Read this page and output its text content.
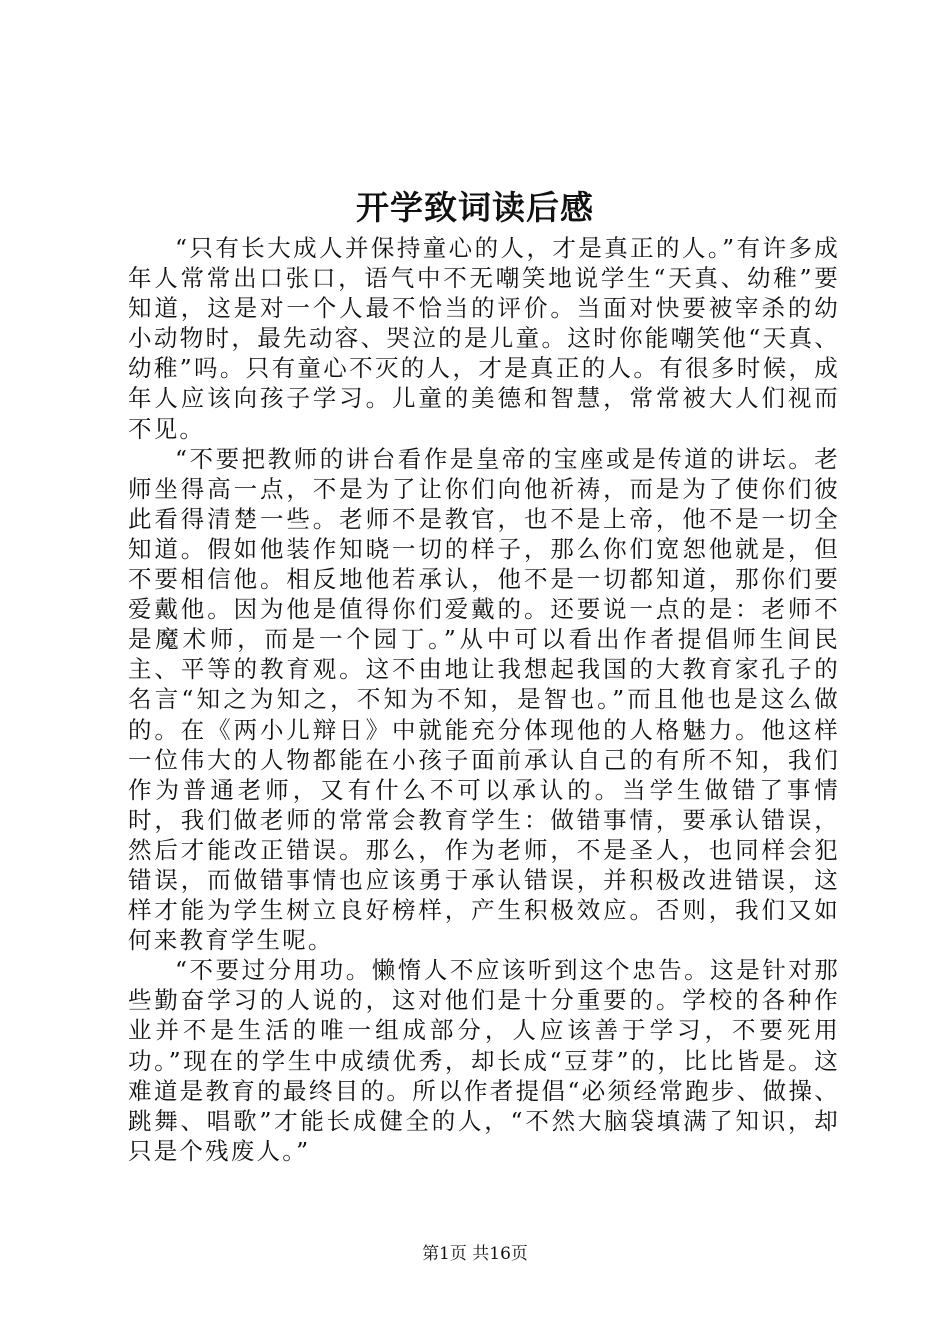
开学致词读后感

“只有长大成人并保持童心的人，才是真正的人。”有许多成年人常常出口张口，语气中不无嘲笑地说学生“天真、幼稚”要知道，这是对一个人最不恰当的评价。当面对快要被宰杀的幼小动物时，最先动容、哭泣的是儿童。这时你能嘲笑他“天真、幼稚”吗。只有童心不灭的人，才是真正的人。有很多时候，成年人应该向孩子学习。儿童的美德和智慧，常常被大人们视而不见。

“不要把教师的讲台看作是皇帝的宝座或是传道的讲坛。老师坐得高一点，不是为了让你们向他祈祷，而是为了使你们彼此看得清楚一些。老师不是教官，也不是上帝，他不是一切全知道。假如他装作知晓一切的样子，那么你们宽恕他就是，但不要相信他。相反地他若承认，他不是一切都知道，那你们要爱戴他。因为他是值得你们爱戴的。还要说一点的是：老师不是魔术师，而是一个园丁。”从中可以看出作者提倡师生间民主、平等的教育观。这不由地让我想起我国的大教育家孔子的名言“知之为知之，不知为不知，是智也。”而且他也是这么做的。在《两小儿辩日》中就能充分体现他的人格魅力。他这样一位伟大的人物都能在小孩子面前承认自己的有所不知，我们作为普通老师，又有什么不可以承认的。当学生做错了事情时，我们做老师的常常会教育学生：做错事情，要承认错误，然后才能改正错误。那么，作为老师，不是圣人，也同样会犯错误，而做错事情也应该勇于承认错误，并积极改进错误，这样才能为学生树立良好榜样，产生积极效应。否则，我们又如何来教育学生呢。

“不要过分用功。懒惰人不应该听到这个忠告。这是针对那些勤奋学习的人说的，这对他们是十分重要的。学校的各种作业并不是生活的唯一组成部分，人应该善于学习，不要死用功。”现在的学生中成绩优秀，却长成“豆芽”的，比比皆是。这难道是教育的最终目的。所以作者提倡“必须经常跑步、做操、跳舞、唱歌”才能长成健全的人，“不然大脑袋填满了知识，却只是个残废人。”

第1页 共16页
